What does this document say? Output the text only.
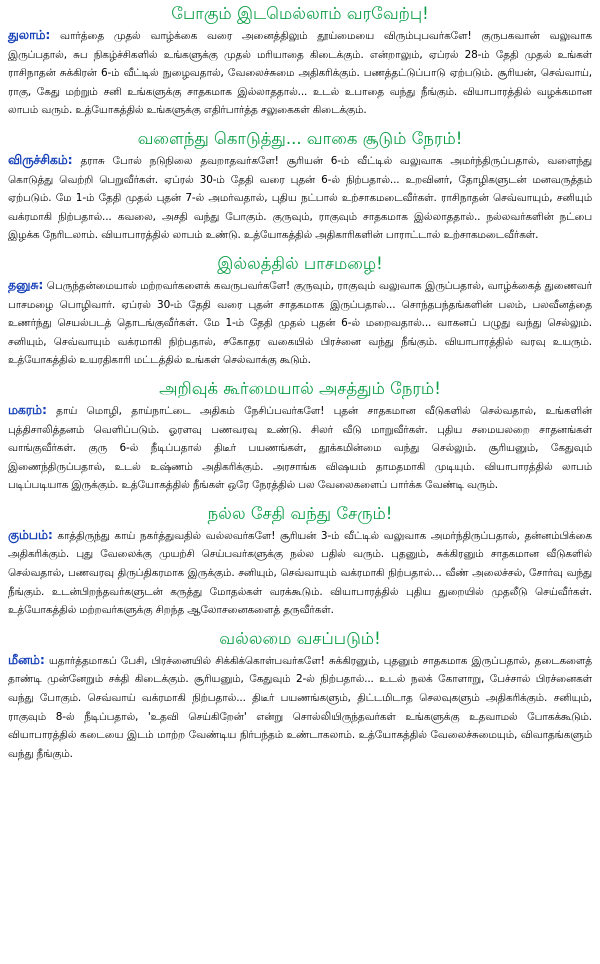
போகும் இடமெல்லாம் வரவேற்பு!
துலாம்: வார்த்தை முதல் வாழ்க்கை வரை அனைத்திலும் தூய்மையை விரும்புபவர்களே! குருபகவான் வலுவாக இருப்பதால், சுப நிகழ்ச்சிகளில் உங்களுக்கு முதல் மரியாதை கிடைக்கும். என்றாலும், ஏப்ரல் 28-ம் தேதி முதல் உங்கள் ராசிநாதன் சுக்கிரன் 6-ம் வீட்டில் நுழைவதால், வேலைச்சுமை அதிகரிக்கும். பணத்தட்டுப்பாடு ஏற்படும். சூரியன், செவ்வாய், ராகு, கேது மற்றும் சனி உங்களுக்கு சாதகமாக இல்லாததால்... உடல் உபாதை வந்து நீங்கும். வியாபாரத்தில் வழக்கமான லாபம் வரும். உத்யோகத்தில் உங்களுக்கு எதிர்பார்த்த சலுகைகள் கிடைக்கும்.
வளைந்து கொடுத்து... வாகை சூடும் நேரம்!
விருச்சிகம்: தராசு போல் நடுநிலை தவறாதவர்களே! சூரியன் 6-ம் வீட்டில் வலுவாக அமர்ந்திருப்பதால், வளைந்து கொடுத்து வெற்றி பெறுவீர்கள். ஏப்ரல் 30-ம் தேதி வரை புதன் 6-ல் நிற்பதால்... உறவினர், தோழிகளுடன் மனவருத்தம் ஏற்படும். மே 1-ம் தேதி முதல் புதன் 7-ல் அமர்வதால், புதிய நட்பால் உற்சாகமடைவீர்கள். ராசிநாதன் செவ்வாயும், சனியும் வக்ரமாகி நிற்பதால்... கவலை, அசதி வந்து போகும். குருவும், ராகுவும் சாதகமாக இல்லாததால்.. நல்லவர்களின் நட்பை இழக்க நேரிடலாம். வியாபாரத்தில் லாபம் உண்டு. உத்யோகத்தில் அதிகாரிகளின் பாராட்டால் உற்சாகமடைவீர்கள்.
இல்லத்தில் பாசமழை!
தனுசு: பெருந்தன்மையால் மற்றவர்களைக் கவருபவர்களே! குருவும், ராகுவும் வலுவாக இருப்பதால், வாழ்க்கைத் துணைவர் பாசமழை பொழிவார். ஏப்ரல் 30-ம் தேதி வரை புதன் சாதகமாக இருப்பதால்... சொந்தபந்தங்களின் பலம், பலவீனத்தை உணர்ந்து செயல்படத் தொடங்குவீர்கள். மே 1-ம் தேதி முதல் புதன் 6-ல் மறைவதால்... வாகனப் பழுது வந்து செல்லும். சனியும், செவ்வாயும் வக்ரமாகி நிற்பதால், சகோதர வகையில் பிரச்னை வந்து நீங்கும். வியாபாரத்தில் வரவு உயரும். உத்யோகத்தில் உயரதிகாரி மட்டத்தில் உங்கள் செல்வாக்கு கூடும்.
அறிவுக் கூர்மையால் அசத்தும் நேரம்!
மகரம்: தாய் மொழி, தாய்நாட்டை அதிகம் நேசிப்பவர்களே! புதன் சாதகமான வீடுகளில் செல்வதால், உங்களின் புத்திசாலித்தனம் வெளிப்படும். ஓரளவு பணவரவு உண்டு. சிலர் வீடு மாறுவீர்கள். புதிய சமையலறை சாதனங்கள் வாங்குவீர்கள். குரு 6-ல் நீடிப்பதால் திடீர் பயணங்கள், தூக்கமின்மை வந்து செல்லும். சூரியனும், கேதுவும் இணைந்திருப்பதால், உடல் உஷ்ணம் அதிகரிக்கும். அரசாங்க விஷயம் தாமதமாகி முடியும். வியாபாரத்தில் லாபம் படிப்படியாக இருக்கும். உத்யோகத்தில் நீங்கள் ஒரே நேரத்தில் பல வேலைகளைப் பார்க்க வேண்டி வரும்.
நல்ல சேதி வந்து சேரும்!
கும்பம்: காத்திருந்து காய் நகர்த்துவதில் வல்லவர்களே! சூரியன் 3-ம் வீட்டில் வலுவாக அமர்ந்திருப்பதால், தன்னம்பிக்கை அதிகரிக்கும். புது வேலைக்கு முயற்சி செய்பவர்களுக்கு நல்ல பதில் வரும். புதனும், சுக்கிரனும் சாதகமான வீடுகளில் செல்வதால், பணவரவு திருப்திகரமாக இருக்கும். சனியும், செவ்வாயும் வக்ரமாகி நிற்பதால்... வீண் அலைச்சல், சோர்வு வந்து நீங்கும். உடன்பிறந்தவர்களுடன் கருத்து மோதல்கள் வரக்கூடும். வியாபாரத்தில் புதிய துறையில் முதலீடு செய்வீர்கள். உத்யோகத்தில் மற்றவர்களுக்கு சிறந்த ஆலோசனைகளைத் தருவீர்கள்.
வல்லமை வசப்படும்!
மீனம்: யதார்த்தமாகப் பேசி, பிரச்னையில் சிக்கிக்கொள்பவர்களே! சுக்கிரனும், புதனும் சாதகமாக இருப்பதால், தடைகளைத் தாண்டி முன்னேறும் சக்தி கிடைக்கும். சூரியனும், கேதுவும் 2-ல் நிற்பதால்... உடல் நலக் கோளாறு, பேச்சால் பிரச்னைகள் வந்து போகும். செவ்வாய் வக்ரமாகி நிற்பதால்... திடீர் பயணங்களும், திட்டமிடாத செலவுகளும் அதிகரிக்கும். சனியும், ராகுவும் 8-ல் நீடிப்பதால், 'உதவி செய்கிறேன்' என்று சொல்லியிருந்தவர்கள் உங்களுக்கு உதவாமல் போகக்கூடும். வியாபாரத்தில் கடையை இடம் மாற்ற வேண்டிய நிர்பந்தம் உண்டாகலாம். உத்யோகத்தில் வேலைச்சுமையும், விவாதங்களும் வந்து நீங்கும்.
